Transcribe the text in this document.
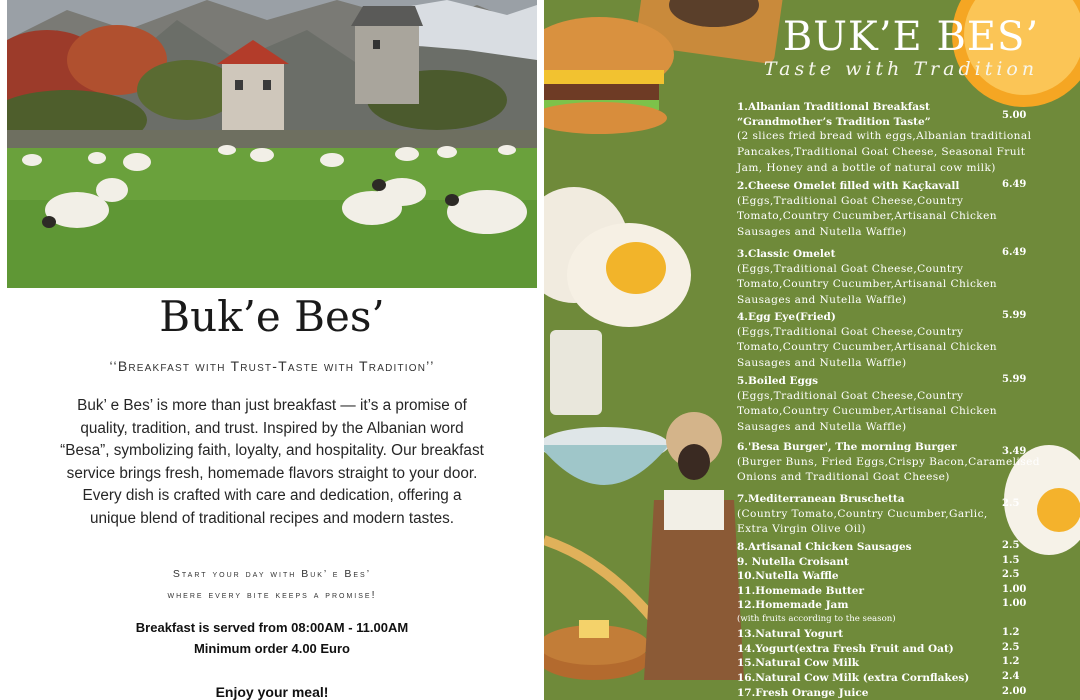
Buk’e Bes’

‘‘Breakfast with Trust-Taste with Tradition’’

Buk’ e Bes’ is more than just breakfast — it’s a promise of quality, tradition, and trust. Inspired by the Albanian word “Besa”, symbolizing faith, loyalty, and hospitality. Our breakfast service brings fresh, homemade flavors straight to your door. Every dish is crafted with care and dedication, offering a unique blend of traditional recipes and modern tastes.

Start your day with Buk’ e Bes’

where every bite keeps a promise!

Breakfast is served from 08:00AM - 11.00AM

Minimum order 4.00 Euro

Enjoy your meal!

BUK’E BES’

Taste with Tradition

1.Albanian Traditional Breakfast
“Grandmother’s Tradition Taste”
(2 slices fried bread with eggs,Albanian traditional
Pancakes,Traditional Goat Cheese, Seasonal Fruit
Jam, Honey and a bottle of natural cow milk)
5.00
2.Cheese Omelet filled with Kaçkavall
(Eggs,Traditional Goat Cheese,Country
Tomato,Country Cucumber,Artisanal Chicken
Sausages and Nutella Waffle)
6.49
3.Classic Omelet
(Eggs,Traditional Goat Cheese,Country
Tomato,Country Cucumber,Artisanal Chicken
Sausages and Nutella Waffle)
6.49
4.Egg Eye(Fried)
(Eggs,Traditional Goat Cheese,Country
Tomato,Country Cucumber,Artisanal Chicken
Sausages and Nutella Waffle)
5.99
5.Boiled Eggs
(Eggs,Traditional Goat Cheese,Country
Tomato,Country Cucumber,Artisanal Chicken
Sausages and Nutella Waffle)
5.99
6.'Besa Burger', The morning Burger
(Burger Buns, Fried Eggs,Crispy Bacon,Caramelised
Onions and Traditional Goat Cheese)
3.49
7.Mediterranean Bruschetta
(Country Tomato,Country Cucumber,Garlic,
Extra Virgin Olive Oil)
2.5
8.Artisanal Chicken Sausages	2.5
9. Nutella Croisant	1.5
10.Nutella Waffle	2.5
11.Homemade Butter	1.00
12.Homemade Jam
(with fruits according to the season)
1.00
13.Natural Yogurt	1.2
14.Yogurt(extra Fresh Fruit and Oat)	2.5
15.Natural Cow Milk	1.2
16.Natural Cow Milk (extra Cornflakes)	2.4
17.Fresh Orange Juice	2.00
